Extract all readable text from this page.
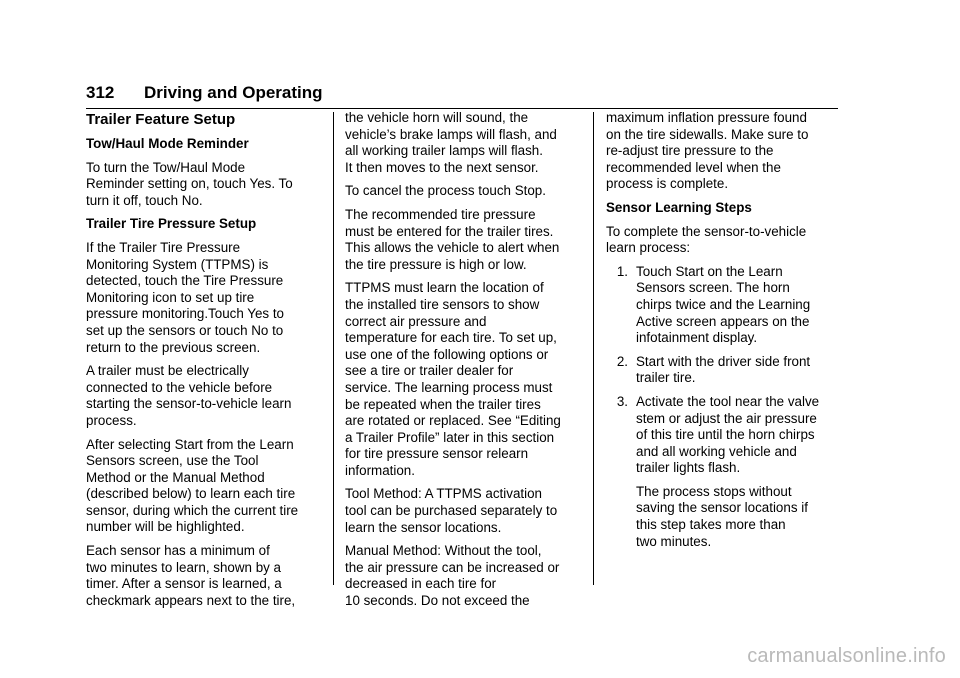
312 Driving and Operating
Trailer Feature Setup
Tow/Haul Mode Reminder

To turn the Tow/Haul Mode
Reminder setting on, touch Yes. To
turn it off, touch No.

Trailer Tire Pressure Setup

If the Trailer Tire Pressure
Monitoring System (TTPMS) is
detected, touch the Tire Pressure
Monitoring icon to set up tire
pressure monitoring.Touch Yes to
set up the sensors or touch No to
return to the previous screen.

A trailer must be electrically
connected to the vehicle before
starting the sensor-to-vehicle learn
process.

After selecting Start from the Learn
Sensors screen, use the Tool
Method or the Manual Method
(described below) to learn each tire
sensor, during which the current tire
number will be highlighted.

Each sensor has a minimum of
two minutes to learn, shown by a
timer. After a sensor is learned, a
checkmark appears next to the tire,

the vehicle horn will sound, the
vehicle’s brake lamps will flash, and
all working trailer lamps will flash.
It then moves to the next sensor.

To cancel the process touch Stop.

The recommended tire pressure
must be entered for the trailer tires.
This allows the vehicle to alert when
the tire pressure is high or low.

TTPMS must learn the location of
the installed tire sensors to show
correct air pressure and
temperature for each tire. To set up,
use one of the following options or
see a tire or trailer dealer for
service. The learning process must
be repeated when the trailer tires
are rotated or replaced. See “Editing
a Trailer Profile” later in this section
for tire pressure sensor relearn
information.

Tool Method: A TTPMS activation
tool can be purchased separately to
learn the sensor locations.

Manual Method: Without the tool,
the air pressure can be increased or
decreased in each tire for
10 seconds. Do not exceed the

maximum inflation pressure found
on the tire sidewalls. Make sure to
re-adjust tire pressure to the
recommended level when the
process is complete.

Sensor Learning Steps

To complete the sensor-to-vehicle
learn process:

1. Touch Start on the Learn
Sensors screen. The horn
chirps twice and the Learning
Active screen appears on the
infotainment display.
2. Start with the driver side front
trailer tire.
3. Activate the tool near the valve
stem or adjust the air pressure
of this tire until the horn chirps
and all working vehicle and
trailer lights flash.
The process stops without
saving the sensor locations if
this step takes more than
two minutes.
carmanualsonline.info
